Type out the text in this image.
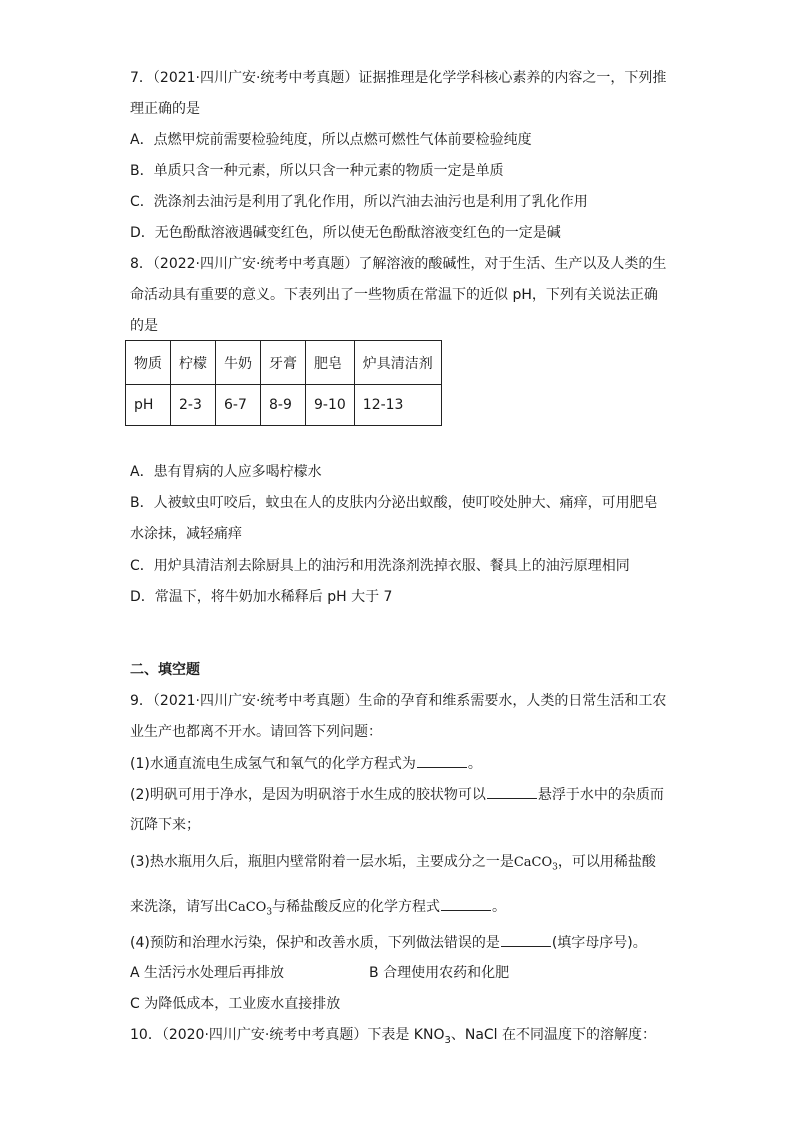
7．（2021·四川广安·统考中考真题）证据推理是化学学科核心素养的内容之一，下列推
理正确的是
A．点燃甲烷前需要检验纯度，所以点燃可燃性气体前要检验纯度
B．单质只含一种元素，所以只含一种元素的物质一定是单质
C．洗涤剂去油污是利用了乳化作用，所以汽油去油污也是利用了乳化作用
D．无色酚酞溶液遇碱变红色，所以使无色酚酞溶液变红色的一定是碱
8．（2022·四川广安·统考中考真题）了解溶液的酸碱性，对于生活、生产以及人类的生
命活动具有重要的意义。下表列出了一些物质在常温下的近似 pH，下列有关说法正确
的是
物质	柠檬	牛奶	牙膏	肥皂	炉具清洁剂
pH	2-3	6-7	8-9	9-10	12-13
A．患有胃病的人应多喝柠檬水
B．人被蚊虫叮咬后，蚊虫在人的皮肤内分泌出蚁酸，使叮咬处肿大、痛痒，可用肥皂
水涂抹，减轻痛痒
C．用炉具清洁剂去除厨具上的油污和用洗涤剂洗掉衣服、餐具上的油污原理相同
D．常温下，将牛奶加水稀释后 pH 大于 7
二、填空题
9．（2021·四川广安·统考中考真题）生命的孕育和维系需要水，人类的日常生活和工农
业生产也都离不开水。请回答下列问题：
(1)水通直流电生成氢气和氧气的化学方程式为	。
(2)明矾可用于净水，是因为明矾溶于水生成的胶状物可以	悬浮于水中的杂质而
沉降下来；
(3)热水瓶用久后，瓶胆内壁常附着一层水垢，主要成分之一是CaCO$_3$，可以用稀盐酸
来洗涤，请写出CaCO$_3$与稀盐酸反应的化学方程式	。
(4)预防和治理水污染，保护和改善水质，下列做法错误的是	(填字母序号)。
A 生活污水处理后再排放	B 合理使用农药和化肥
C 为降低成本，工业废水直接排放
10．（2020·四川广安·统考中考真题）下表是 $KNO_3$、NaCl 在不同温度下的溶解度：
